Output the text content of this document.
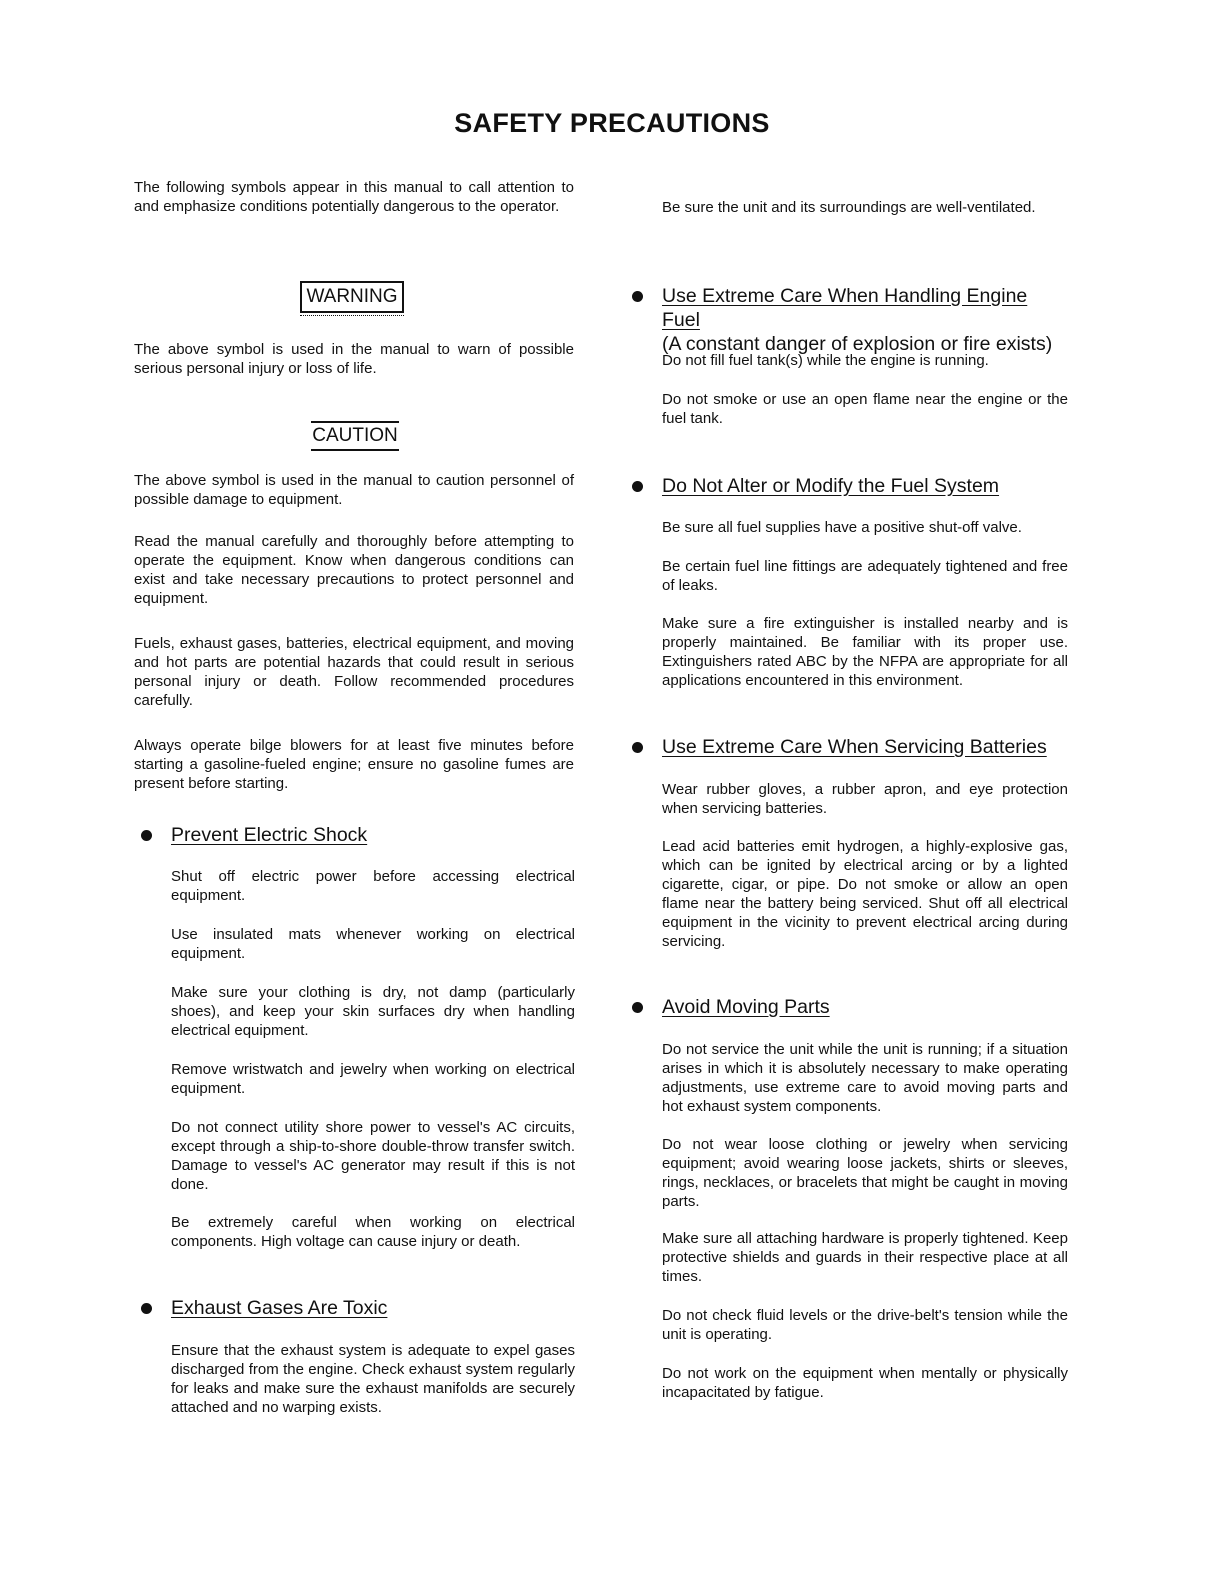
SAFETY PRECAUTIONS

The following symbols appear in this manual to call attention to and emphasize conditions potentially dangerous to the operator.

WARNING

The above symbol is used in the manual to warn of possible serious personal injury or loss of life.

CAUTION

The above symbol is used in the manual to caution personnel of possible damage to equipment.

Read the manual carefully and thoroughly before attempting to operate the equipment. Know when dangerous conditions can exist and take necessary precautions to protect personnel and equipment.

Fuels, exhaust gases, batteries, electrical equipment, and moving and hot parts are potential hazards that could result in serious personal injury or death. Follow recommended procedures carefully.

Always operate bilge blowers for at least five minutes before starting a gasoline-fueled engine; ensure no gasoline fumes are present before starting.

Prevent Electric Shock

Shut off electric power before accessing electrical equipment.

Use insulated mats whenever working on electrical equipment.

Make sure your clothing is dry, not damp (particularly shoes), and keep your skin surfaces dry when handling electrical equipment.

Remove wristwatch and jewelry when working on electrical equipment.

Do not connect utility shore power to vessel's AC circuits, except through a ship-to-shore double-throw transfer switch. Damage to vessel's AC generator may result if this is not done.

Be extremely careful when working on electrical components. High voltage can cause injury or death.

Exhaust Gases Are Toxic

Ensure that the exhaust system is adequate to expel gases discharged from the engine. Check exhaust system regularly for leaks and make sure the exhaust manifolds are securely attached and no warping exists.

Be sure the unit and its surroundings are well-ventilated.

Use Extreme Care When Handling Engine Fuel
(A constant danger of explosion or fire exists)

Do not fill fuel tank(s) while the engine is running.

Do not smoke or use an open flame near the engine or the fuel tank.

Do Not Alter or Modify the Fuel System

Be sure all fuel supplies have a positive shut-off valve.

Be certain fuel line fittings are adequately tightened and free of leaks.

Make sure a fire extinguisher is installed nearby and is properly maintained. Be familiar with its proper use. Extinguishers rated ABC by the NFPA are appropriate for all applications encountered in this environment.

Use Extreme Care When Servicing Batteries

Wear rubber gloves, a rubber apron, and eye protection when servicing batteries.

Lead acid batteries emit hydrogen, a highly-explosive gas, which can be ignited by electrical arcing or by a lighted cigarette, cigar, or pipe. Do not smoke or allow an open flame near the battery being serviced. Shut off all electrical equipment in the vicinity to prevent electrical arcing during servicing.

Avoid Moving Parts

Do not service the unit while the unit is running; if a situation arises in which it is absolutely necessary to make operating adjustments, use extreme care to avoid moving parts and hot exhaust system components.

Do not wear loose clothing or jewelry when servicing equipment; avoid wearing loose jackets, shirts or sleeves, rings, necklaces, or bracelets that might be caught in moving parts.

Make sure all attaching hardware is properly tightened. Keep protective shields and guards in their respective place at all times.

Do not check fluid levels or the drive-belt's tension while the unit is operating.

Do not work on the equipment when mentally or physically incapacitated by fatigue.
